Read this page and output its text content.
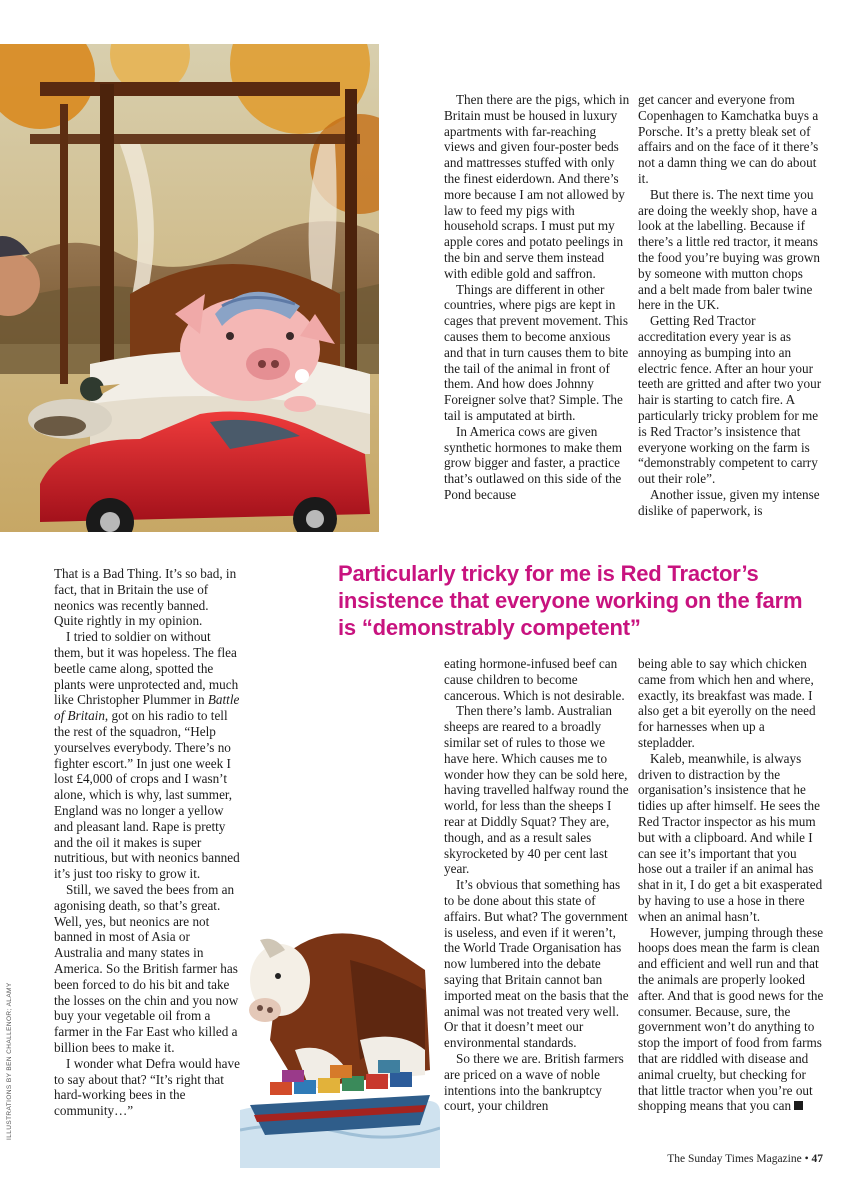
Then there are the pigs, which in Britain must be housed in luxury apartments with far-reaching views and given four-poster beds and mattresses stuffed with only the finest eiderdown. And there’s more because I am not allowed by law to feed my pigs with household scraps. I must put my apple cores and potato peelings in the bin and serve them instead with edible gold and saffron.

Things are different in other countries, where pigs are kept in cages that prevent movement. This causes them to become anxious and that in turn causes them to bite the tail of the animal in front of them. And how does Johnny Foreigner solve that? Simple. The tail is amputated at birth.

In America cows are given synthetic hormones to make them grow bigger and faster, a practice that’s outlawed on this side of the Pond because

get cancer and everyone from Copenhagen to Kamchatka buys a Porsche. It’s a pretty bleak set of affairs and on the face of it there’s not a damn thing we can do about it.

But there is. The next time you are doing the weekly shop, have a look at the labelling. Because if there’s a little red tractor, it means the food you’re buying was grown by someone with mutton chops and a belt made from baler twine here in the UK.

Getting Red Tractor accreditation every year is as annoying as bumping into an electric fence. After an hour your teeth are gritted and after two your hair is starting to catch fire. A particularly tricky problem for me is Red Tractor’s insistence that everyone working on the farm is “demonstrably competent to carry out their role”.

Another issue, given my intense dislike of paperwork, is

Particularly tricky for me is Red Tractor’s insistence that everyone working on the farm is “demonstrably competent”

That is a Bad Thing. It’s so bad, in fact, that in Britain the use of neonics was recently banned. Quite rightly in my opinion.

I tried to soldier on without them, but it was hopeless. The flea beetle came along, spotted the plants were unprotected and, much like Christopher Plummer in Battle of Britain, got on his radio to tell the rest of the squadron, “Help yourselves everybody. There’s no fighter escort.” In just one week I lost £4,000 of crops and I wasn’t alone, which is why, last summer, England was no longer a yellow and pleasant land. Rape is pretty and the oil it makes is super nutritious, but with neonics banned it’s just too risky to grow it.

Still, we saved the bees from an agonising death, so that’s great. Well, yes, but neonics are not banned in most of Asia or Australia and many states in America. So the British farmer has been forced to do his bit and take the losses on the chin and you now buy your vegetable oil from a farmer in the Far East who killed a billion bees to make it.

I wonder what Defra would have to say about that? “It’s right that hard-working bees in the community…”

eating hormone-infused beef can cause children to become cancerous. Which is not desirable.

Then there’s lamb. Australian sheeps are reared to a broadly similar set of rules to those we have here. Which causes me to wonder how they can be sold here, having travelled halfway round the world, for less than the sheeps I rear at Diddly Squat? They are, though, and as a result sales skyrocketed by 40 per cent last year.

It’s obvious that something has to be done about this state of affairs. But what? The government is useless, and even if it weren’t, the World Trade Organisation has now lumbered into the debate saying that Britain cannot ban imported meat on the basis that the animal was not treated very well. Or that it doesn’t meet our environmental standards.

So there we are. British farmers are priced on a wave of noble intentions into the bankruptcy court, your children

being able to say which chicken came from which hen and where, exactly, its breakfast was made. I also get a bit eyerolly on the need for harnesses when up a stepladder.

Kaleb, meanwhile, is always driven to distraction by the organisation’s insistence that he tidies up after himself. He sees the Red Tractor inspector as his mum but with a clipboard. And while I can see it’s important that you hose out a trailer if an animal has shat in it, I do get a bit exasperated by having to use a hose in there when an animal hasn’t.

However, jumping through these hoops does mean the farm is clean and efficient and well run and that the animals are properly looked after. And that is good news for the consumer. Because, sure, the government won’t do anything to stop the import of food from farms that are riddled with disease and animal cruelty, but checking for that little tractor when you’re out shopping means that you can

ILLUSTRATIONS BY BEN CHALLENOR; ALAMY
The Sunday Times Magazine • 47
